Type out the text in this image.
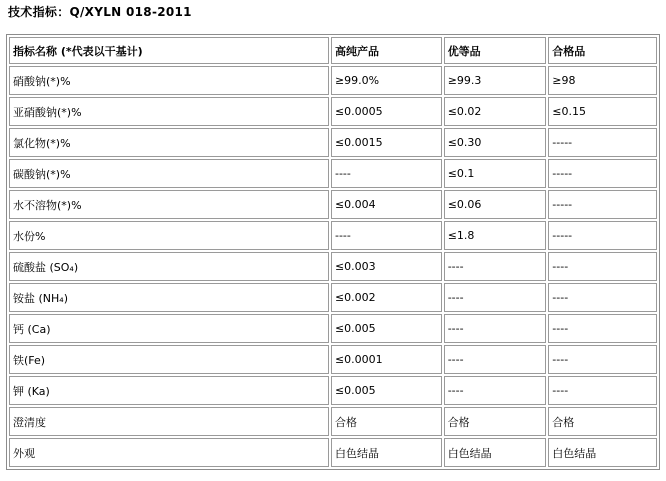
技术指标：Q/XYLN 018-2011
指标名称 (*代表以干基计)	高纯产品	优等品	合格品
硝酸钠(*)%	≥99.0%	≥99.3	≥98
亚硝酸钠(*)%	≤0.0005	≤0.02	≤0.15
氯化物(*)%	≤0.0015	≤0.30	-----
碳酸钠(*)%	----	≤0.1	-----
水不溶物(*)%	≤0.004	≤0.06	-----
水份%	----	≤1.8	-----
硫酸盐 (SO₄)	≤0.003	----	----
铵盐 (NH₄)	≤0.002	----	----
钙 (Ca)	≤0.005	----	----
铁(Fe)	≤0.0001	----	----
钾 (Ka)	≤0.005	----	----
澄清度	合格	合格	合格
外观	白色结晶	白色结晶	白色结晶
